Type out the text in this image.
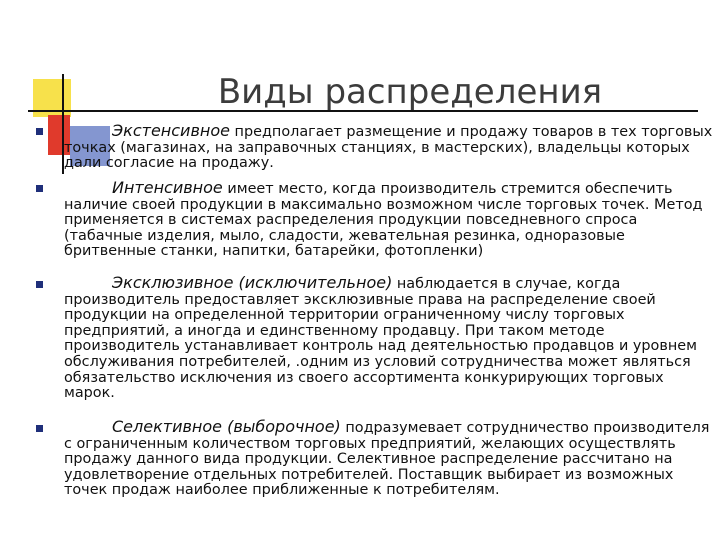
Виды распределения
Экстенсивное предполагает размещение и продажу товаров в тех торговых точках (магазинах, на заправочных станциях, в мастерских), владельцы которых дали согласие на продажу.
Интенсивное имеет место, когда производитель стремится обеспечить наличие своей продукции в максимально возможном числе торговых точек. Метод применяется в системах распределения продукции повседневного спроса (табачные изделия, мыло, сладости, жевательная резинка, одноразовые бритвенные станки, напитки, батарейки, фотопленки)
Эксклюзивное (исключительное) наблюдается в случае, когда производитель предоставляет эксклюзивные права на распределение своей продукции на определенной территории ограниченному числу торговых предприятий, а иногда и единственному продавцу. При таком методе производитель устанавливает контроль над деятельностью продавцов и уровнем обслуживания потребителей, .одним из условий сотрудничества может являться обязательство исключения из своего ассортимента конкурирующих торговых марок.
Селективное (выборочное) подразумевает сотрудничество производителя с ограниченным количеством торговых предприятий, желающих осуществлять продажу данного вида продукции. Селективное распределение рассчитано на удовлетворение отдельных потребителей. Поставщик выбирает из возможных точек продаж наиболее приближенные к потребителям.
